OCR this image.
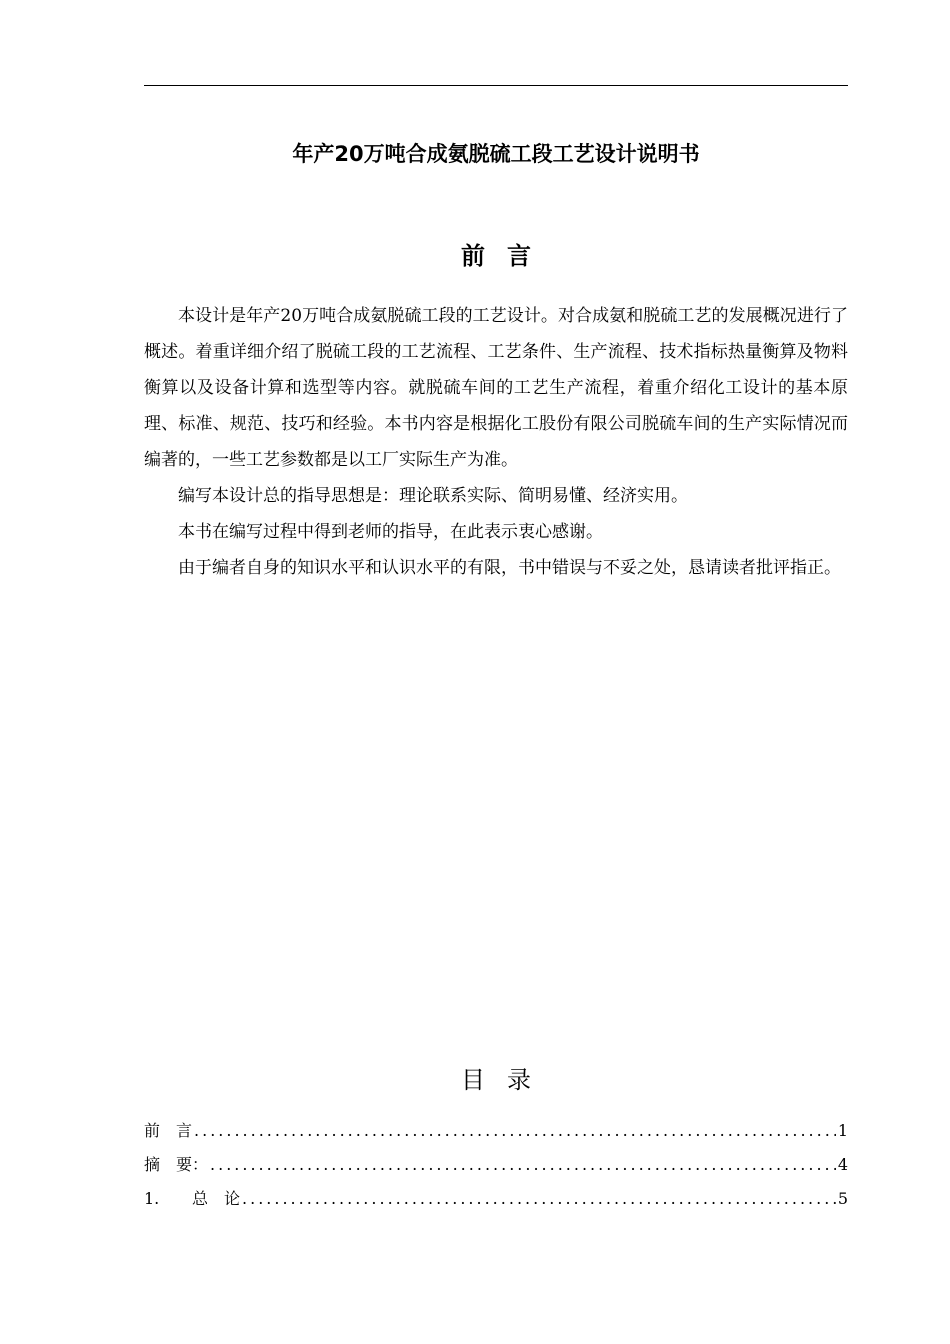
年产20万吨合成氨脱硫工段工艺设计说明书
前言

本设计是年产20万吨合成氨脱硫工段的工艺设计。对合成氨和脱硫工艺的发展概况进行了概述。着重详细介绍了脱硫工段的工艺流程、工艺条件、生产流程、技术指标热量衡算及物料衡算以及设备计算和选型等内容。就脱硫车间的工艺生产流程，着重介绍化工设计的基本原理、标准、规范、技巧和经验。本书内容是根据化工股份有限公司脱硫车间的生产实际情况而编著的，一些工艺参数都是以工厂实际生产为准。

编写本设计总的指导思想是：理论联系实际、简明易懂、经济实用。

本书在编写过程中得到老师的指导，在此表示衷心感谢。

由于编者自身的知识水平和认识水平的有限，书中错误与不妥之处，恳请读者批评指正。

目录
前　言 .....	1
摘　要： .....	4
1.	总　论 .....	5
